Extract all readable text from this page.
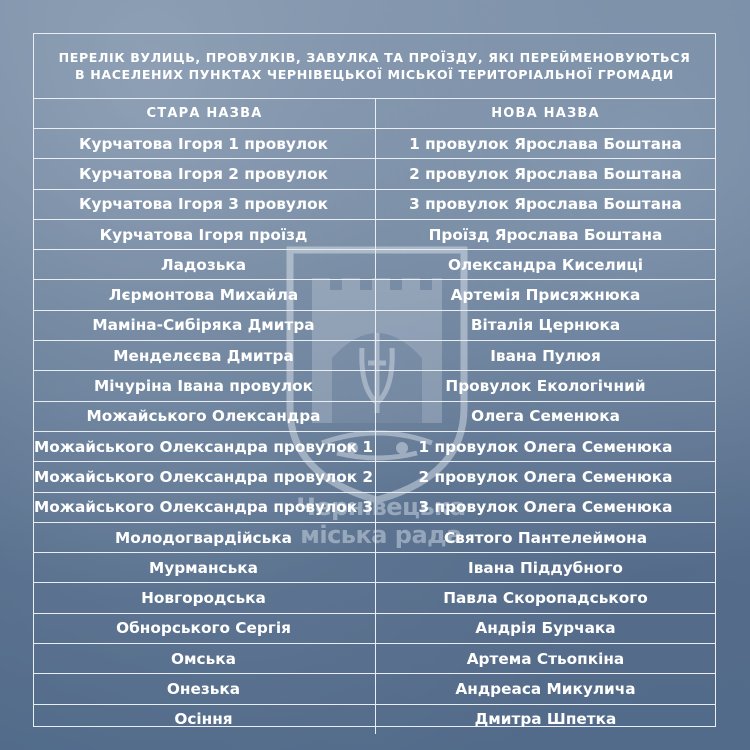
Чернівецька
міська рада
ПЕРЕЛІК ВУЛИЦЬ, ПРОВУЛКІВ, ЗАВУЛКА ТА ПРОЇЗДУ, ЯКІ ПЕРЕЙМЕНОВУЮТЬСЯ
В НАСЕЛЕНИХ ПУНКТАХ ЧЕРНІВЕЦЬКОЇ МІСЬКОЇ ТЕРИТОРІАЛЬНОЇ ГРОМАДИ
СТАРА НАЗВА	НОВА НАЗВА
Курчатова Ігоря 1 провулок	1 провулок Ярослава Боштана
Курчатова Ігоря 2 провулок	2 провулок Ярослава Боштана
Курчатова Ігоря 3 провулок	3 провулок Ярослава Боштана
Курчатова Ігоря проїзд	Проїзд Ярослава Боштана
Ладозька	Олександра Киселиці
Лєрмонтова Михайла	Артемія Присяжнюка
Маміна-Сибіряка Дмитра	Віталія Цернюка
Менделєєва Дмитра	Івана Пулюя
Мічуріна Івана провулок	Провулок Екологічний
Можайського Олександра	Олега Семенюка
Можайського Олександра провулок 1	1 провулок Олега Семенюка
Можайського Олександра провулок 2	2 провулок Олега Семенюка
Можайського Олександра провулок 3	3 провулок Олега Семенюка
Молодогвардійська	Святого Пантелеймона
Мурманська	Івана Піддубного
Новгородська	Павла Скоропадського
Обнорського Сергія	Андрія Бурчака
Омська	Артема Стьопкіна
Онезька	Андреаса Микулича
Осіння	Дмитра Шпетка
